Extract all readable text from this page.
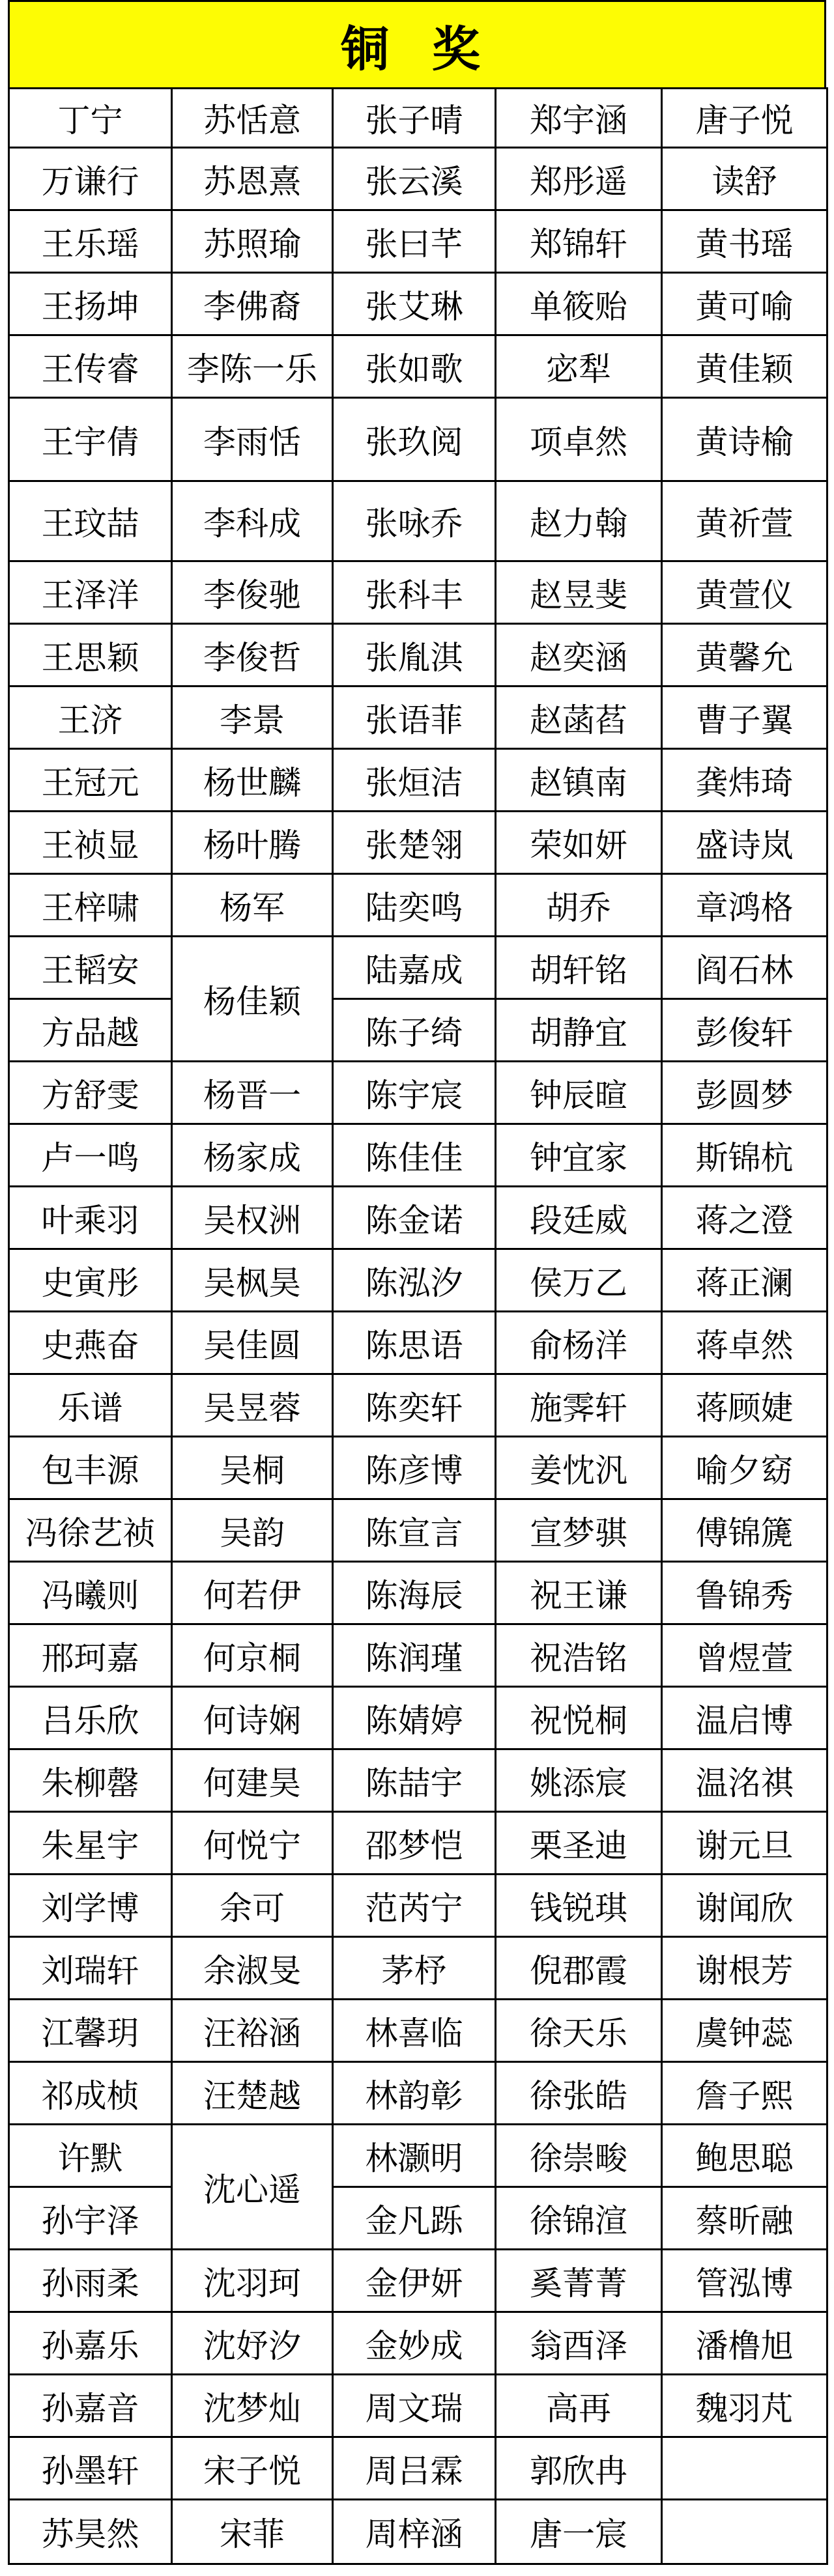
铜 奖
丁宁
万谦行
王乐瑶
王扬坤
王传睿
王宇倩
王玟喆
王泽洋
王思颖
王济
王冠元
王祯显
王梓啸
王韬安
方品越
方舒雯
卢一鸣
叶乘羽
史寅彤
史燕奋
乐谱
包丰源
冯徐艺祯
冯曦则
邢珂嘉
吕乐欣
朱柳罄
朱星宇
刘学博
刘瑞轩
江馨玥
祁成桢
许默
孙宇泽
孙雨柔
孙嘉乐
孙嘉音
孙墨轩
苏昊然
苏恬意
苏恩熹
苏照瑜
李佛裔
李陈一乐
李雨恬
李科成
李俊驰
李俊哲
李景
杨世麟
杨叶腾
杨军
杨佳颖
杨晋一
杨家成
吴权洲
吴枫昊
吴佳圆
吴昱蓉
吴桐
吴韵
何若伊
何京桐
何诗娴
何建昊
何悦宁
余可
余淑旻
汪裕涵
汪楚越
沈心遥
沈羽珂
沈妤汐
沈梦灿
宋子悦
宋菲
张子晴
张云溪
张曰芊
张艾琳
张如歌
张玖阅
张咏乔
张科丰
张胤淇
张语菲
张烜洁
张楚翎
陆奕鸣
陆嘉成
陈子绮
陈宇宸
陈佳佳
陈金诺
陈泓汐
陈思语
陈奕轩
陈彦博
陈宣言
陈海辰
陈润瑾
陈婧婷
陈喆宇
邵梦恺
范芮宁
茅杼
林喜临
林韵彰
林灏明
金凡跞
金伊妍
金妙成
周文瑞
周吕霖
周梓涵
郑宇涵
郑彤遥
郑锦轩
单筱贻
宓犁
项卓然
赵力翰
赵昱斐
赵奕涵
赵菡萏
赵镇南
荣如妍
胡乔
胡轩铭
胡静宜
钟辰暄
钟宜家
段廷威
侯万乙
俞杨洋
施霁轩
姜忱汎
宣梦骐
祝王谦
祝浩铭
祝悦桐
姚添宸
栗圣迪
钱锐琪
倪郡霞
徐天乐
徐张皓
徐崇畯
徐锦渲
奚菁菁
翁酉泽
高再
郭欣冉
唐一宸
唐子悦
读舒
黄书瑶
黄可喻
黄佳颖
黄诗榆
黄祈萱
黄萱仪
黄馨允
曹子翼
龚炜琦
盛诗岚
章鸿格
阎石林
彭俊轩
彭圆梦
斯锦杭
蒋之澄
蒋正澜
蒋卓然
蒋顾婕
喻夕窈
傅锦篪
鲁锦秀
曾煜萱
温启博
温洺祺
谢元旦
谢闻欣
谢根芳
虞钟蕊
詹子熙
鲍思聪
蔡昕融
管泓博
潘橹旭
魏羽芃
